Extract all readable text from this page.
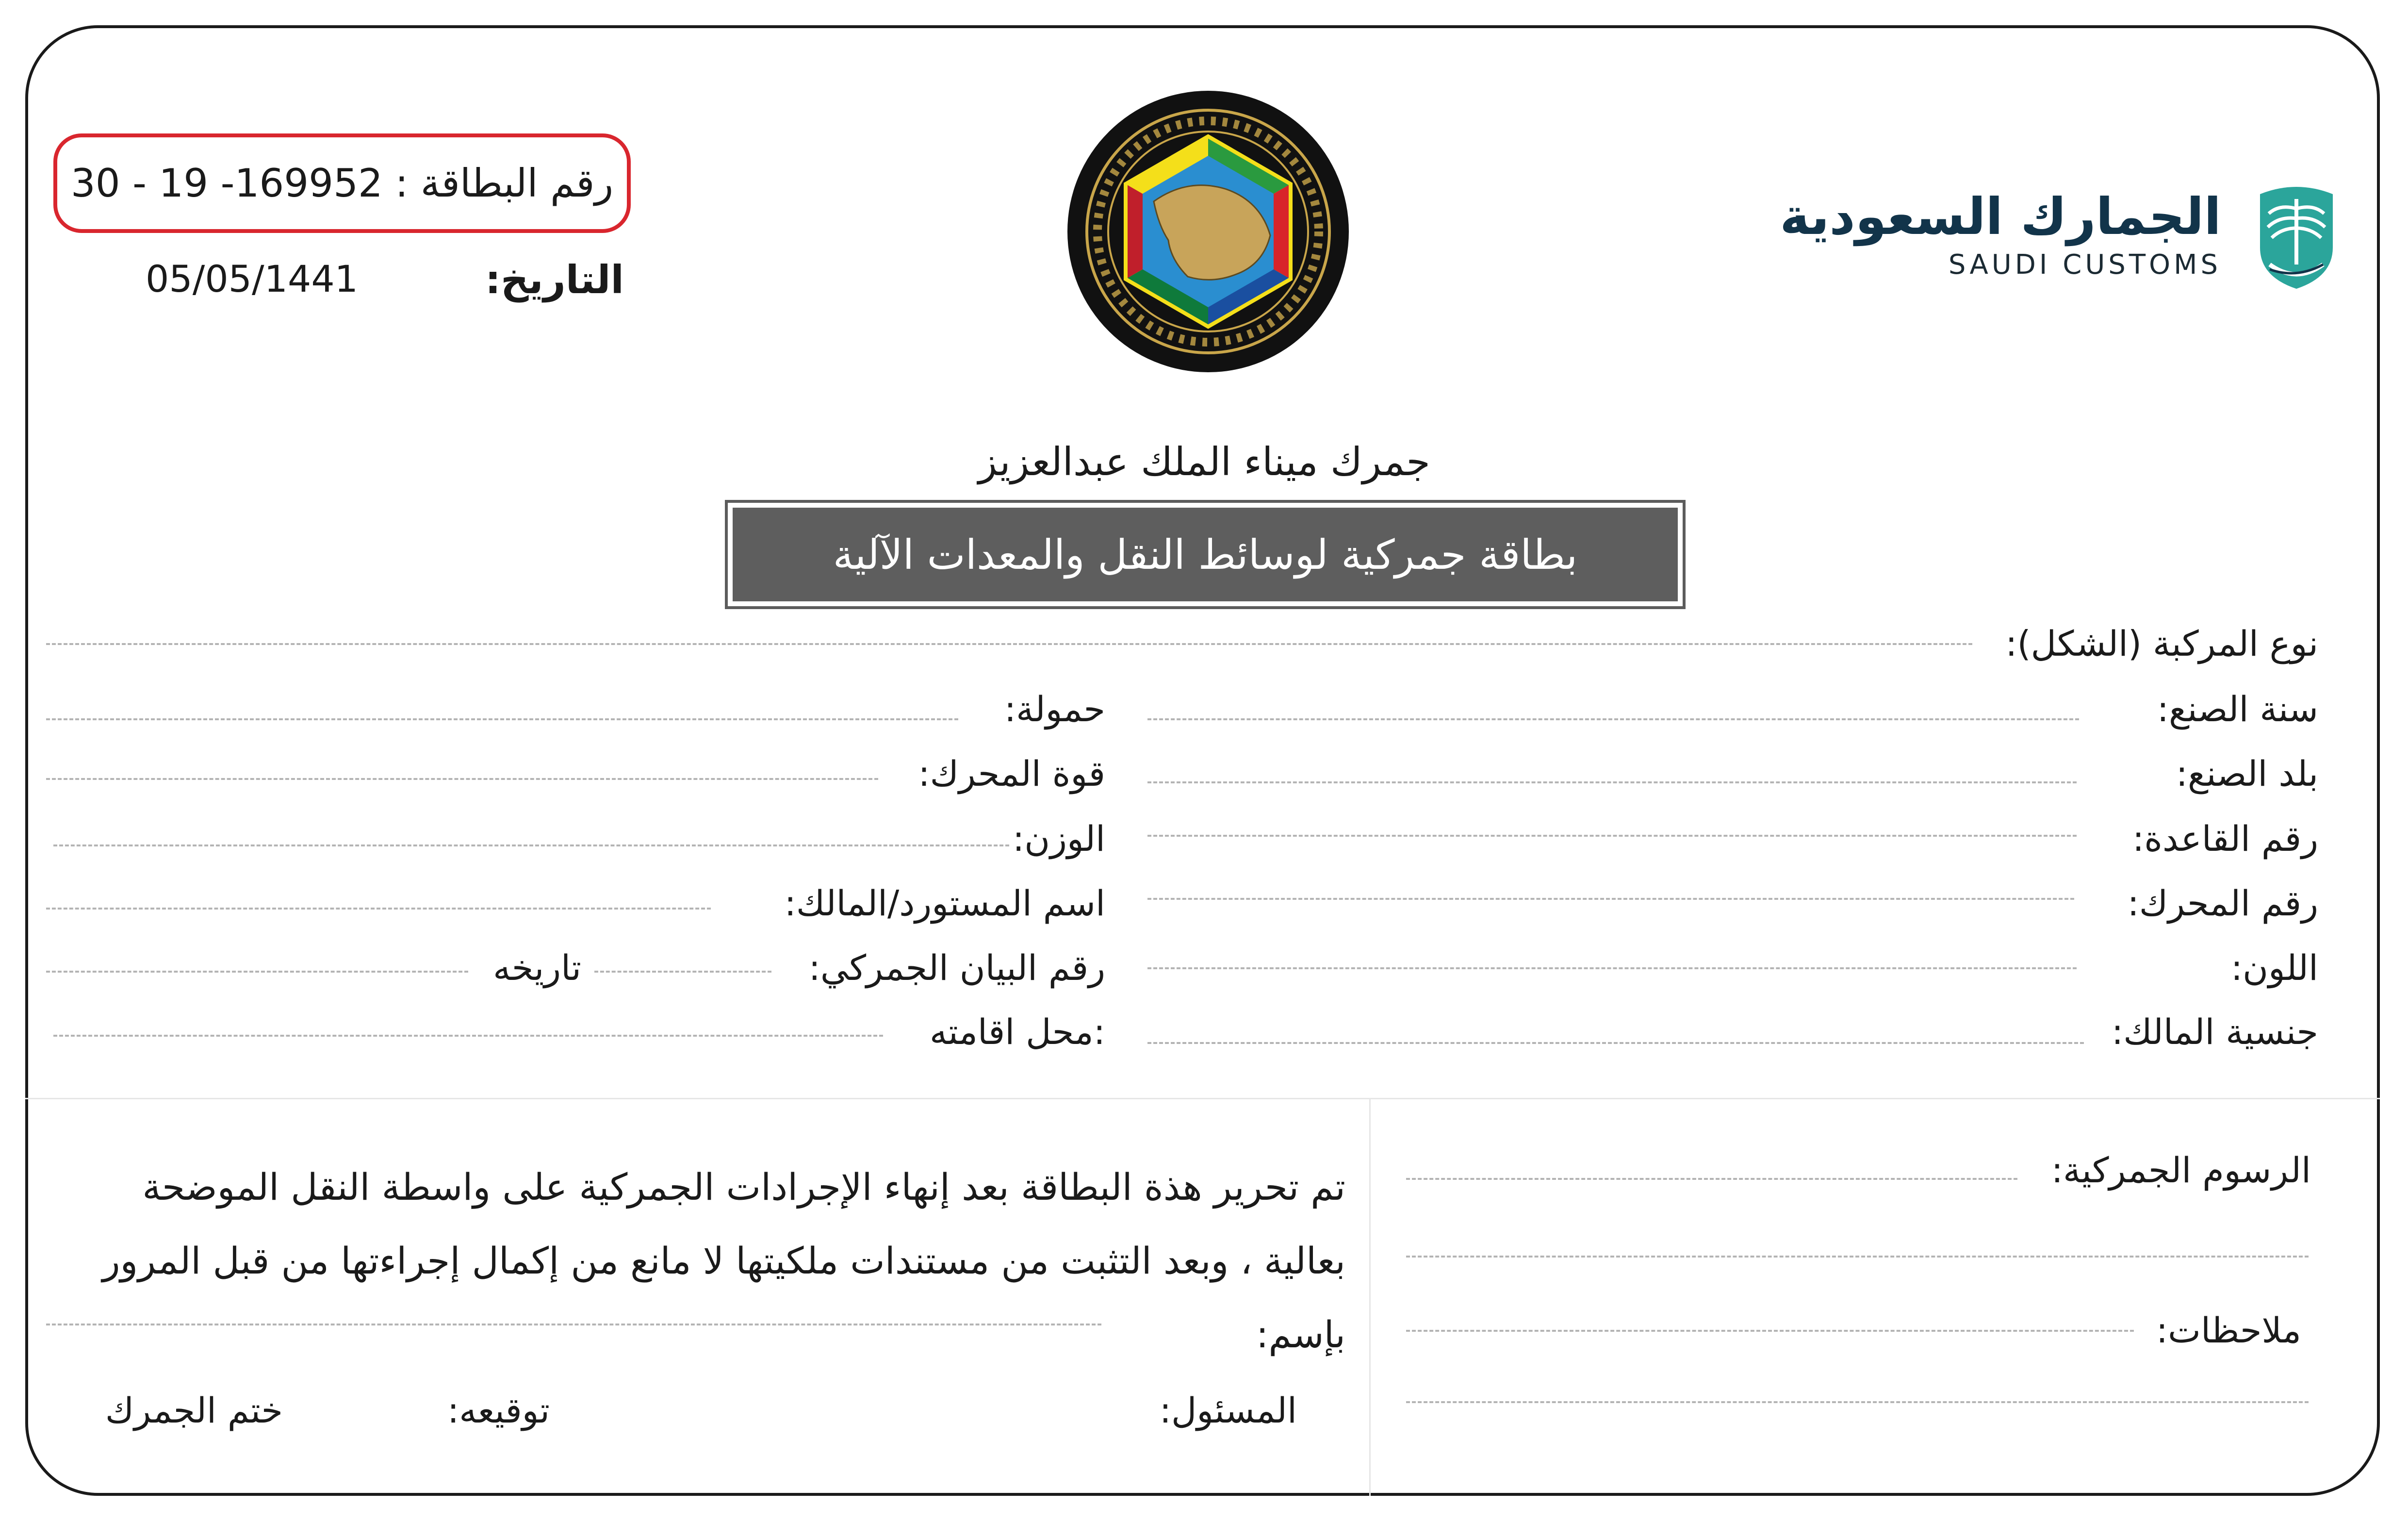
رقم البطاقة : 30 - 19 -169952
05/05/1441	التاريخ:
الجمارك السعودية
SAUDI CUSTOMS
جمرك ميناء الملك عبدالعزيز
بطاقة جمركية لوسائط النقل والمعدات الآلية
نوع المركبة (الشكل):
سنة الصنع:
بلد الصنع:
رقم القاعدة:
رقم المحرك:
اللون:
جنسية المالك:
حمولة:
قوة المحرك:
الوزن:
اسم المستورد/المالك:
رقم البيان الجمركي:
تاريخه
:محل اقامته
الرسوم الجمركية:
ملاحظات:
تم تحرير هذة البطاقة بعد إنهاء الإجرادات الجمركية على واسطة النقل الموضحة بعالية ، وبعد التثبت من مستندات ملكيتها لا مانع من إكمال إجراءتها من قبل المرور بإسم:
المسئول:
توقيعه:
ختم الجمرك
